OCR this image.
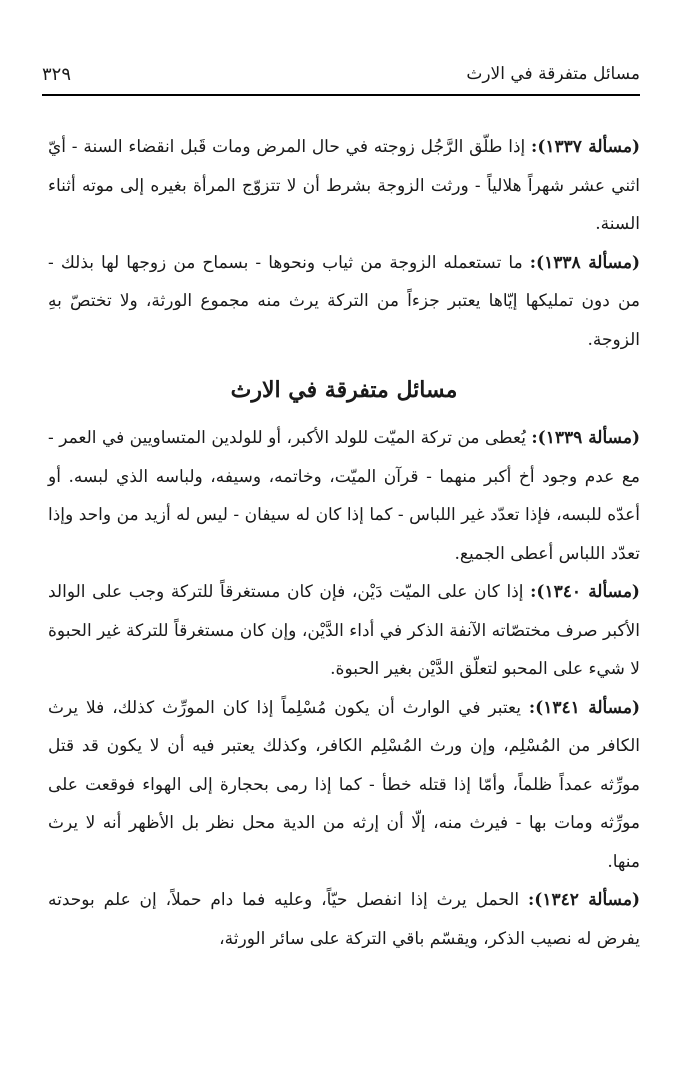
مسائل متفرقة في الارث
٣٢٩

(مسألة ١٣٣٧): إذا طلّق الرَّجُل زوجته في حال المرض ومات قَبل انقضاء السنة - أيّ اثني عشر شهراً هلالياً - ورثت الزوجة بشرط أن لا تتزوّج المرأة بغيره إلى موته أثناء السنة.

(مسألة ١٣٣٨): ما تستعمله الزوجة من ثياب ونحوها - بسماح من زوجها لها بذلك - من دون تمليكها إيّاها يعتبر جزءاً من التركة يرث منه مجموع الورثة، ولا تختصّ بهِ الزوجة.

مسائل متفرقة في الارث

(مسألة ١٣٣٩): يُعطى من تركة الميّت للولد الأكبر، أو للولدين المتساويين في العمر - مع عدم وجود أخ أكبر منهما - قرآن الميّت، وخاتمه، وسيفه، ولباسه الذي لبسه. أو أعدّه للبسه، فإذا تعدّد غير اللباس - كما إذا كان له سيفان - ليس له أزيد من واحد وإذا تعدّد اللباس أعطى الجميع.

(مسألة ١٣٤٠): إذا كان على الميّت دَيْن، فإن كان مستغرقاً للتركة وجب على الوالد الأكبر صرف مختصّاته الآنفة الذكر في أداء الدَّيْن، وإن كان مستغرقاً للتركة غير الحبوة لا شيء على المحبو لتعلّق الدَّيْن بغير الحبوة.

(مسألة ١٣٤١): يعتبر في الوارث أن يكون مُسْلِماً إذا كان المورِّث كذلك، فلا يرث الكافر من المُسْلِم، وإن ورث المُسْلِم الكافر، وكذلك يعتبر فيه أن لا يكون قد قتل مورِّثه عمداً ظلماً، وأمّا إذا قتله خطأ - كما إذا رمى بحجارة إلى الهواء فوقعت على مورِّثه ومات بها - فيرث منه، إلّا أن إرثه من الدية محل نظر بل الأظهر أنه لا يرث منها.

(مسألة ١٣٤٢): الحمل يرث إذا انفصل حيّاً، وعليه فما دام حملاً، إن علم بوحدته يفرض له نصيب الذكر، ويقسّم باقي التركة على سائر الورثة،
